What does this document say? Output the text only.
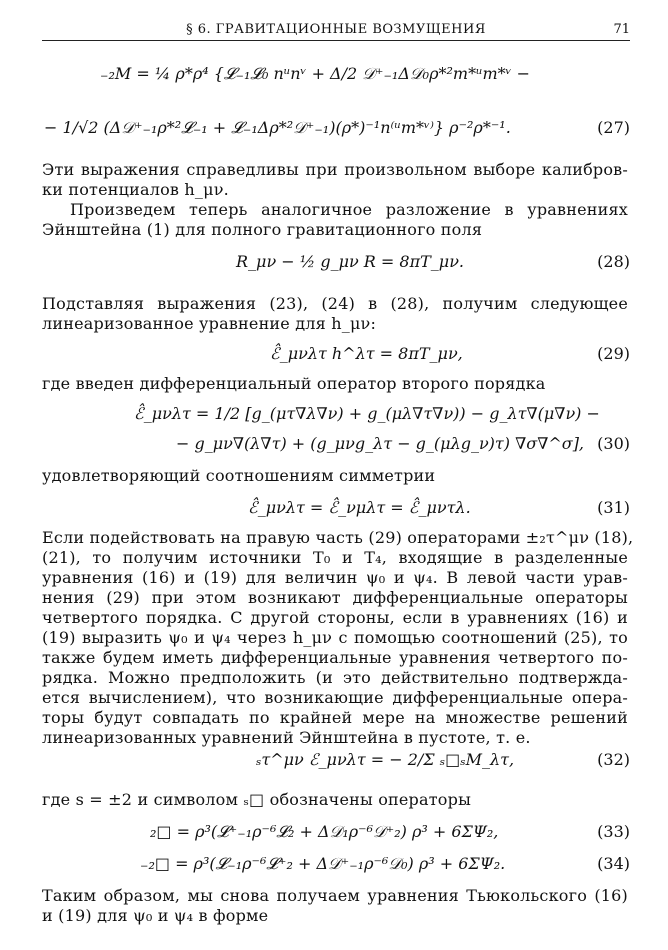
§ 6. ГРАВИТАЦИОННЫЕ ВОЗМУЩЕНИЯ	71
₋₂M = ¼ ρ*ρ⁴ {𝓛₋₁𝓛₀ nᵘnᵛ + Δ/2 𝒟⁺₋₁Δ𝒟₀ρ*²m*ᵘm*ᵛ −
− 1/√2 (Δ𝒟⁺₋₁ρ*²𝓛₋₁ + 𝓛₋₁Δρ*²𝒟⁺₋₁)(ρ*)⁻¹n⁽ᵘm*ᵛ⁾} ρ⁻²ρ*⁻¹.	(27)
Эти выражения справедливы при произвольном выборе калибров-
ки потенциалов h_μν.
Произведем теперь аналогичное разложение в уравнениях
Эйнштейна (1) для полного гравитационного поля
R_μν − ½ g_μν R = 8πT_μν.	(28)
Подставляя выражения (23), (24) в (28), получим следующее
линеаризованное уравнение для h_μν:
ℰ̂_μνλτ h^λτ = 8πT_μν,	(29)
где введен дифференциальный оператор второго порядка
ℰ̂_μνλτ = 1/2 [g_(μτ∇λ∇ν) + g_(μλ∇τ∇ν)) − g_λτ∇(μ∇ν) −
− g_μν∇(λ∇τ) + (g_μνg_λτ − g_(μλg_ν)τ) ∇σ∇^σ], (30)
удовлетворяющий соотношениям симметрии
ℰ̂_μνλτ = ℰ̂_νμλτ = ℰ̂_μντλ.	(31)
Если подействовать на правую часть (29) операторами ±₂τ^μν (18),
(21), то получим источники T₀ и T₄, входящие в разделенные
уравнения (16) и (19) для величин ψ₀ и ψ₄. В левой части урав-
нения (29) при этом возникают дифференциальные операторы
четвертого порядка. С другой стороны, если в уравнениях (16) и
(19) выразить ψ₀ и ψ₄ через h_μν с помощью соотношений (25), то
также будем иметь дифференциальные уравнения четвертого по-
рядка. Можно предположить (и это действительно подтвержда-
ется вычислением), что возникающие дифференциальные опера-
торы будут совпадать по крайней мере на множестве решений
линеаризованных уравнений Эйнштейна в пустоте, т. е.
ₛτ^μν ℰ_μνλτ = − 2/Σ ₛ□ₛM_λτ,	(32)
где s = ±2 и символом ₛ□ обозначены операторы
₂□ = ρ³(𝓛⁺₋₁ρ⁻⁶𝓛₂ + Δ𝒟₁ρ⁻⁶𝒟⁺₂) ρ³ + 6ΣΨ₂,	(33)
₋₂□ = ρ³(𝓛₋₁ρ⁻⁶𝓛⁺₂ + Δ𝒟⁺₋₁ρ⁻⁶𝒟₀) ρ³ + 6ΣΨ₂.	(34)
Таким образом, мы снова получаем уравнения Тьюкольского (16)
и (19) для ψ₀ и ψ₄ в форме
